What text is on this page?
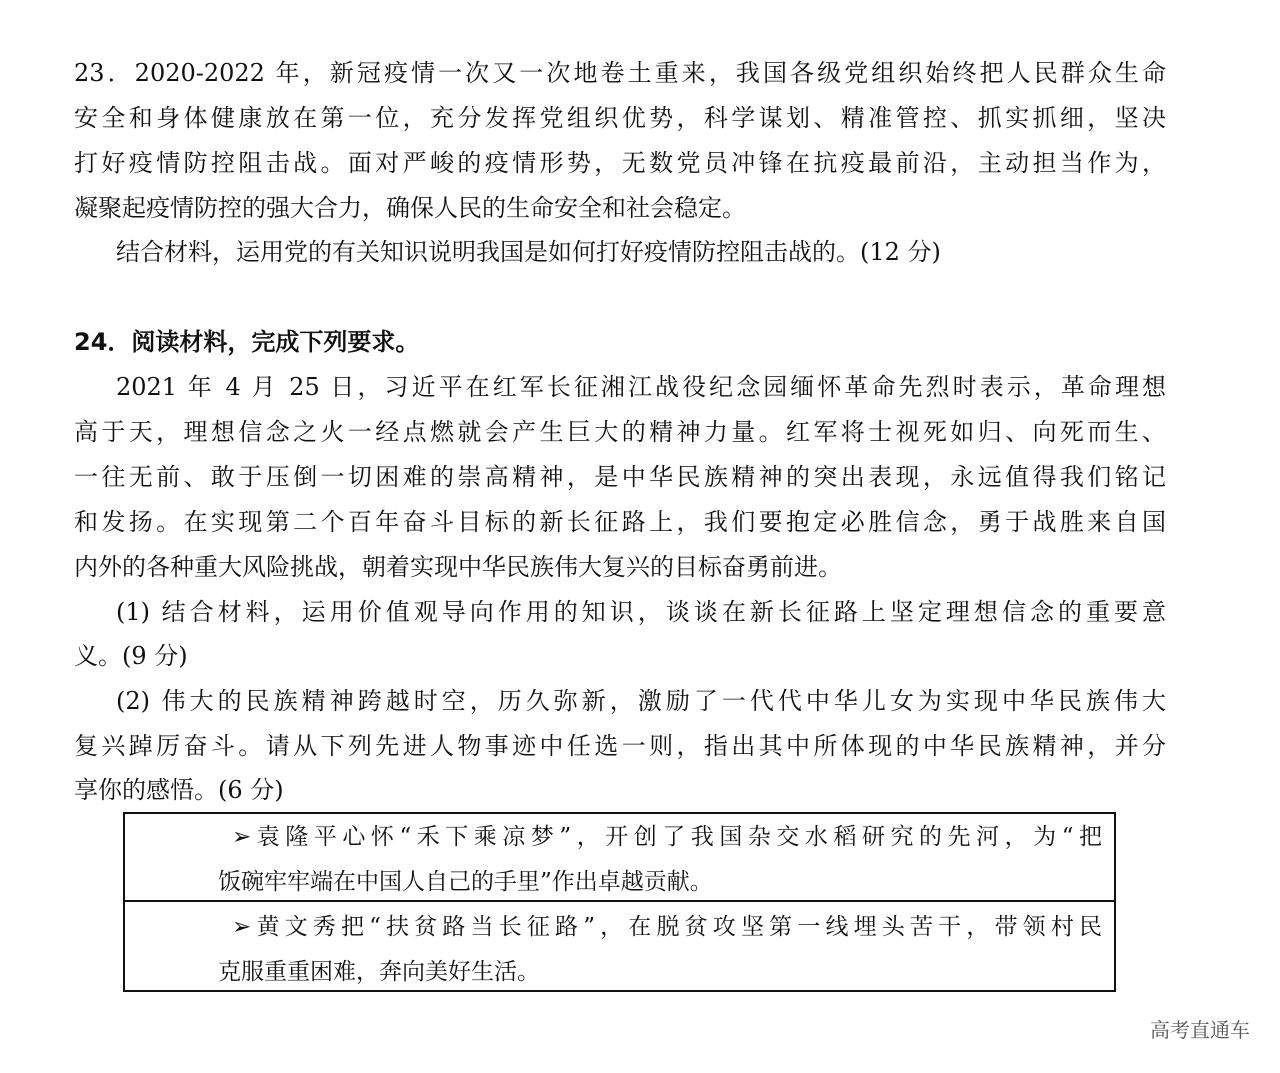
23．2020-2022 年，新冠疫情一次又一次地卷土重来，我国各级党组织始终把人民群众生命
安全和身体健康放在第一位，充分发挥党组织优势，科学谋划、精准管控、抓实抓细，坚决
打好疫情防控阻击战。面对严峻的疫情形势，无数党员冲锋在抗疫最前沿，主动担当作为，
凝聚起疫情防控的强大合力，确保人民的生命安全和社会稳定。
结合材料，运用党的有关知识说明我国是如何打好疫情防控阻击战的。(12 分)
24．阅读材料，完成下列要求。
2021 年 4 月 25 日，习近平在红军长征湘江战役纪念园缅怀革命先烈时表示，革命理想
高于天，理想信念之火一经点燃就会产生巨大的精神力量。红军将士视死如归、向死而生、
一往无前、敢于压倒一切困难的崇高精神，是中华民族精神的突出表现，永远值得我们铭记
和发扬。在实现第二个百年奋斗目标的新长征路上，我们要抱定必胜信念，勇于战胜来自国
内外的各种重大风险挑战，朝着实现中华民族伟大复兴的目标奋勇前进。
(1) 结合材料，运用价值观导向作用的知识，谈谈在新长征路上坚定理想信念的重要意
义。(9 分)
(2) 伟大的民族精神跨越时空，历久弥新，激励了一代代中华儿女为实现中华民族伟大
复兴踔厉奋斗。请从下列先进人物事迹中任选一则，指出其中所体现的中华民族精神，并分
享你的感悟。(6 分)
➢袁隆平心怀“禾下乘凉梦”，开创了我国杂交水稻研究的先河，为“把
饭碗牢牢端在中国人自己的手里”作出卓越贡献。
➢黄文秀把“扶贫路当长征路”，在脱贫攻坚第一线埋头苦干，带领村民
克服重重困难，奔向美好生活。
高考直通车
